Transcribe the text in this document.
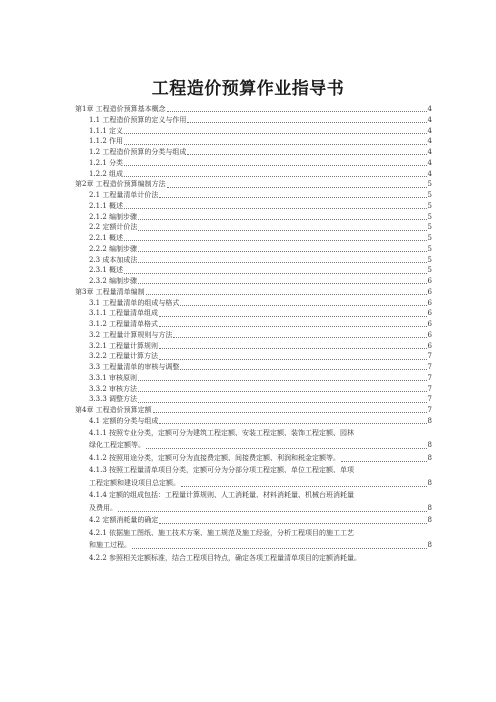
工程造价预算作业指导书
第1章 工程造价预算基本概念	4
1.1 工程造价预算的定义与作用	4
1.1.1 定义	4
1.1.2 作用	4
1.2 工程造价预算的分类与组成	4
1.2.1 分类	4
1.2.2 组成	4
第2章 工程造价预算编制方法	5
2.1 工程量清单计价法	5
2.1.1 概述	5
2.1.2 编制步骤	5
2.2 定额计价法	5
2.2.1 概述	5
2.2.2 编制步骤	5
2.3 成本加成法	5
2.3.1 概述	5
2.3.2 编制步骤	6
第3章 工程量清单编制	6
3.1 工程量清单的组成与格式	6
3.1.1 工程量清单组成	6
3.1.2 工程量清单格式	6
3.2 工程量计算规则与方法	6
3.2.1 工程量计算规则	6
3.2.2 工程量计算方法	7
3.3 工程量清单的审核与调整	7
3.3.1 审核原则	7
3.3.2 审核方法	7
3.3.3 调整方法	7
第4章 工程造价预算定额	7
4.1 定额的分类与组成	8
4.1.1 按照专业分类，定额可分为建筑工程定额、安装工程定额、装饰工程定额、园林
绿化工程定额等。	8
4.1.2 按照用途分类，定额可分为直接费定额、间接费定额、利润和税金定额等。	8
4.1.3 按照工程量清单项目分类，定额可分为分部分项工程定额、单位工程定额、单项
工程定额和建设项目总定额。	8
4.1.4 定额的组成包括：工程量计算规则、人工消耗量、材料消耗量、机械台班消耗量
及费用。	8
4.2 定额消耗量的确定	8
4.2.1 依据施工图纸、施工技术方案、施工规范及施工经验，分析工程项目的施工工艺
和施工过程。	8
4.2.2 参照相关定额标准，结合工程项目特点，确定各项工程量清单项目的定额消耗量。
